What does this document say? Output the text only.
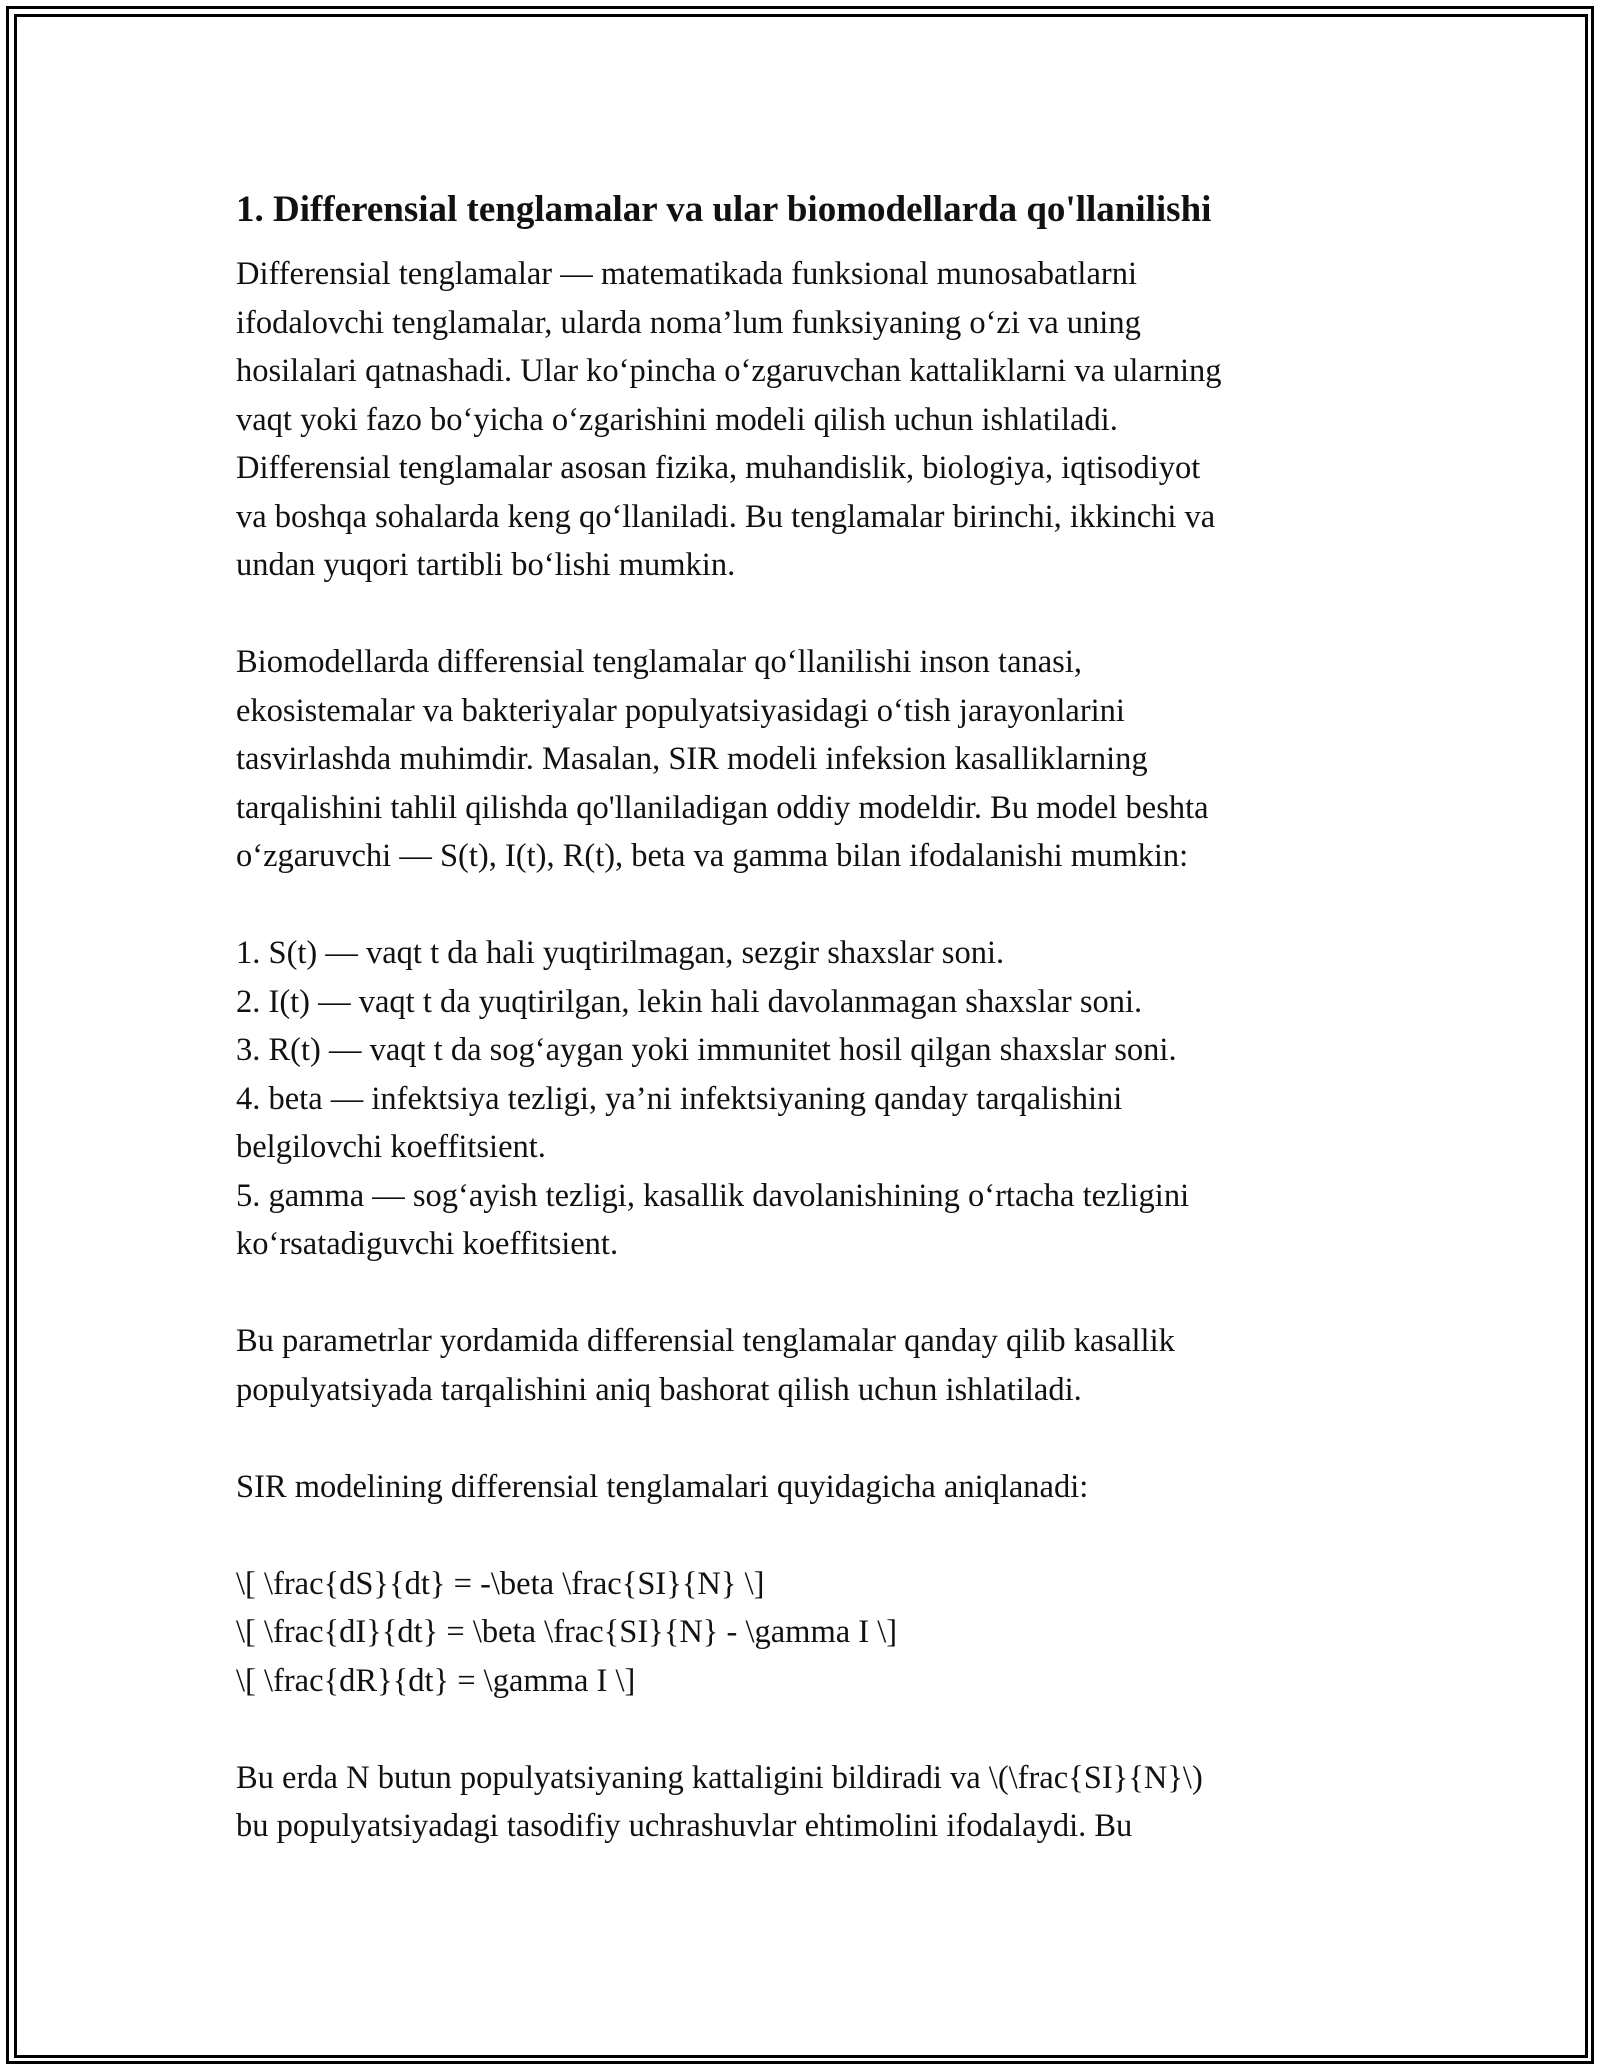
1. Differensial tenglamalar va ular biomodellarda qo'llanilishi
Differensial tenglamalar — matematikada funksional munosabatlarni
ifodalovchi tenglamalar, ularda noma’lum funksiyaning o‘zi va uning
hosilalari qatnashadi. Ular ko‘pincha o‘zgaruvchan kattaliklarni va ularning
vaqt yoki fazo bo‘yicha o‘zgarishini modeli qilish uchun ishlatiladi.
Differensial tenglamalar asosan fizika, muhandislik, biologiya, iqtisodiyot
va boshqa sohalarda keng qo‘llaniladi. Bu tenglamalar birinchi, ikkinchi va
undan yuqori tartibli bo‘lishi mumkin.
Biomodellarda differensial tenglamalar qo‘llanilishi inson tanasi,
ekosistemalar va bakteriyalar populyatsiyasidagi o‘tish jarayonlarini
tasvirlashda muhimdir. Masalan, SIR modeli infeksion kasalliklarning
tarqalishini tahlil qilishda qo'llaniladigan oddiy modeldir. Bu model beshta
o‘zgaruvchi — S(t), I(t), R(t), beta va gamma bilan ifodalanishi mumkin:
1. S(t) — vaqt t da hali yuqtirilmagan, sezgir shaxslar soni.
2. I(t) — vaqt t da yuqtirilgan, lekin hali davolanmagan shaxslar soni.
3. R(t) — vaqt t da sog‘aygan yoki immunitet hosil qilgan shaxslar soni.
4. beta — infektsiya tezligi, ya’ni infektsiyaning qanday tarqalishini
belgilovchi koeffitsient.
5. gamma — sog‘ayish tezligi, kasallik davolanishining o‘rtacha tezligini
ko‘rsatadiguvchi koeffitsient.
Bu parametrlar yordamida differensial tenglamalar qanday qilib kasallik
populyatsiyada tarqalishini aniq bashorat qilish uchun ishlatiladi.
SIR modelining differensial tenglamalari quyidagicha aniqlanadi:
\[ \frac{dS}{dt} = -\beta \frac{SI}{N} \]
\[ \frac{dI}{dt} = \beta \frac{SI}{N} - \gamma I \]
\[ \frac{dR}{dt} = \gamma I \]
Bu erda N butun populyatsiyaning kattaligini bildiradi va \(\frac{SI}{N}\)
bu populyatsiyadagi tasodifiy uchrashuvlar ehtimolini ifodalaydi. Bu
